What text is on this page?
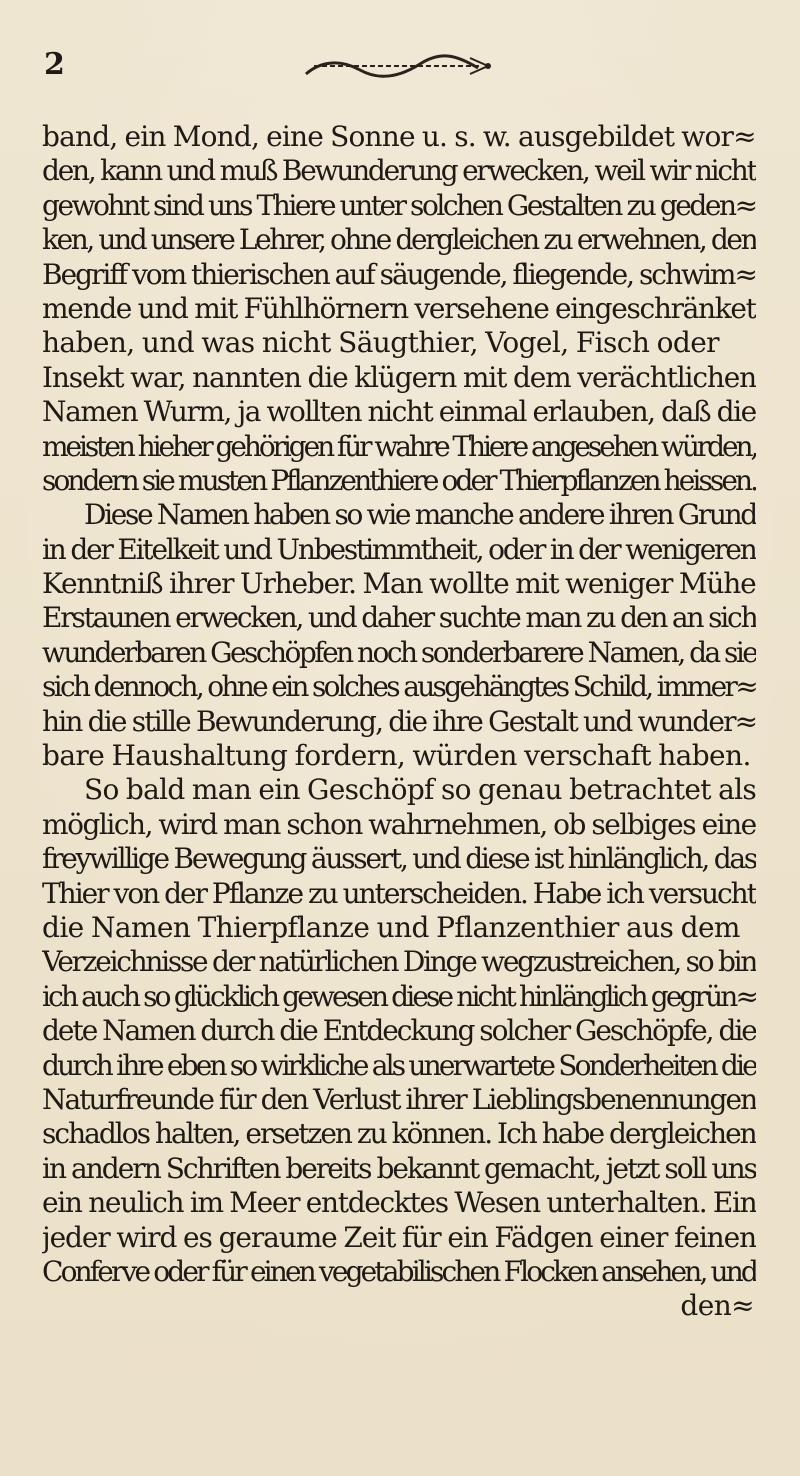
2
band, ein Mond, eine Sonne u. s. w. ausgebildet wor≈
den, kann und muß Bewunderung erwecken, weil wir nicht
gewohnt sind uns Thiere unter solchen Gestalten zu geden≈
ken, und unsere Lehrer, ohne dergleichen zu erwehnen, den
Begriff vom thierischen auf säugende, fliegende, schwim≈
mende und mit Fühlhörnern versehene eingeschränket
haben, und was nicht Säugthier, Vogel, Fisch oder
Insekt war, nannten die klügern mit dem verächtlichen
Namen Wurm, ja wollten nicht einmal erlauben, daß die
meisten hieher gehörigen für wahre Thiere angesehen würden,
sondern sie musten Pflanzenthiere oder Thierpflanzen heissen.
Diese Namen haben so wie manche andere ihren Grund
in der Eitelkeit und Unbestimmtheit, oder in der wenigeren
Kenntniß ihrer Urheber. Man wollte mit weniger Mühe
Erstaunen erwecken, und daher suchte man zu den an sich
wunderbaren Geschöpfen noch sonderbarere Namen, da sie
sich dennoch, ohne ein solches ausgehängtes Schild, immer≈
hin die stille Bewunderung, die ihre Gestalt und wunder≈
bare Haushaltung fordern, würden verschaft haben.
So bald man ein Geschöpf so genau betrachtet als
möglich, wird man schon wahrnehmen, ob selbiges eine
freywillige Bewegung äussert, und diese ist hinlänglich, das
Thier von der Pflanze zu unterscheiden. Habe ich versucht
die Namen Thierpflanze und Pflanzenthier aus dem
Verzeichnisse der natürlichen Dinge wegzustreichen, so bin
ich auch so glücklich gewesen diese nicht hinlänglich gegrün≈
dete Namen durch die Entdeckung solcher Geschöpfe, die
durch ihre eben so wirkliche als unerwartete Sonderheiten die
Naturfreunde für den Verlust ihrer Lieblingsbenennungen
schadlos halten, ersetzen zu können. Ich habe dergleichen
in andern Schriften bereits bekannt gemacht, jetzt soll uns
ein neulich im Meer entdecktes Wesen unterhalten. Ein
jeder wird es geraume Zeit für ein Fädgen einer feinen
Conferve oder für einen vegetabilischen Flocken ansehen, und
den≈
